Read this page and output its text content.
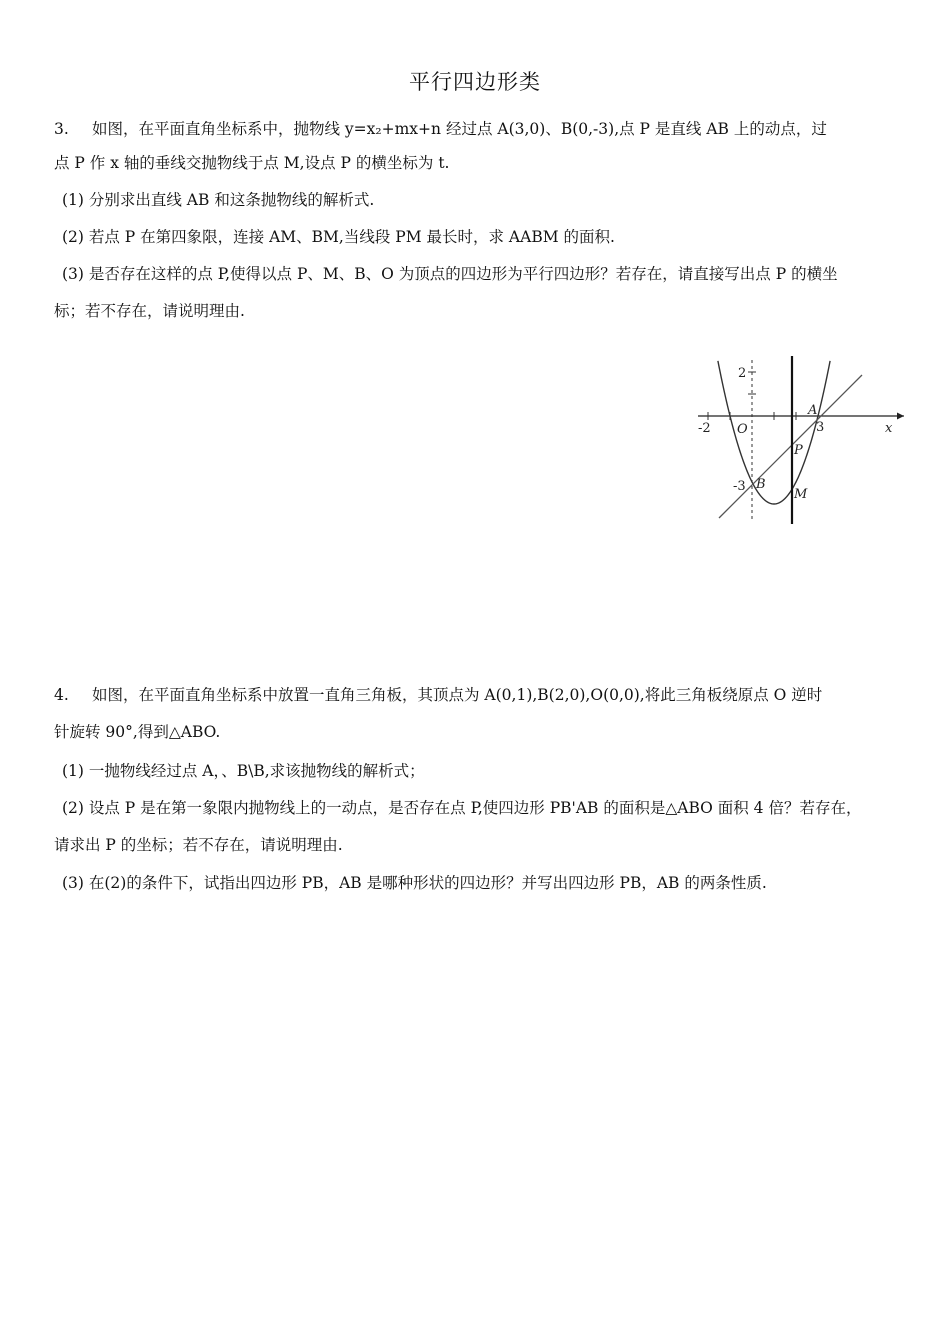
平行四边形类
3. 如图，在平面直角坐标系中，抛物线 y=x₂+mx+n 经过点 A(3,0)、B(0,-3),点 P 是直线 AB 上的动点，过
点 P 作 x 轴的垂线交抛物线于点 M,设点 P 的横坐标为 t.
(1) 分别求出直线 AB 和这条抛物线的解析式.
(2) 若点 P 在第四象限，连接 AM、BM,当线段 PM 最长时，求 AABM 的面积.
(3) 是否存在这样的点 P,使得以点 P、M、B、O 为顶点的四边形为平行四边形？若存在，请直接写出点 P 的横坐
标；若不存在，请说明理由.
2
-2 O
A
3	x
P
-3 B
M
4. 如图，在平面直角坐标系中放置一直角三角板，其顶点为 A(0,1),B(2,0),O(0,0),将此三角板绕原点 O 逆时
针旋转 90°,得到△ABO.
(1) 一抛物线经过点 A，、B\B,求该抛物线的解析式；
(2) 设点 P 是在第一象限内抛物线上的一动点，是否存在点 P,使四边形 PB'AB 的面积是△ABO 面积 4 倍？若存在，
请求出 P 的坐标；若不存在，请说明理由.
(3) 在(2)的条件下，试指出四边形 PB，AB 是哪种形状的四边形？并写出四边形 PB，AB 的两条性质.
